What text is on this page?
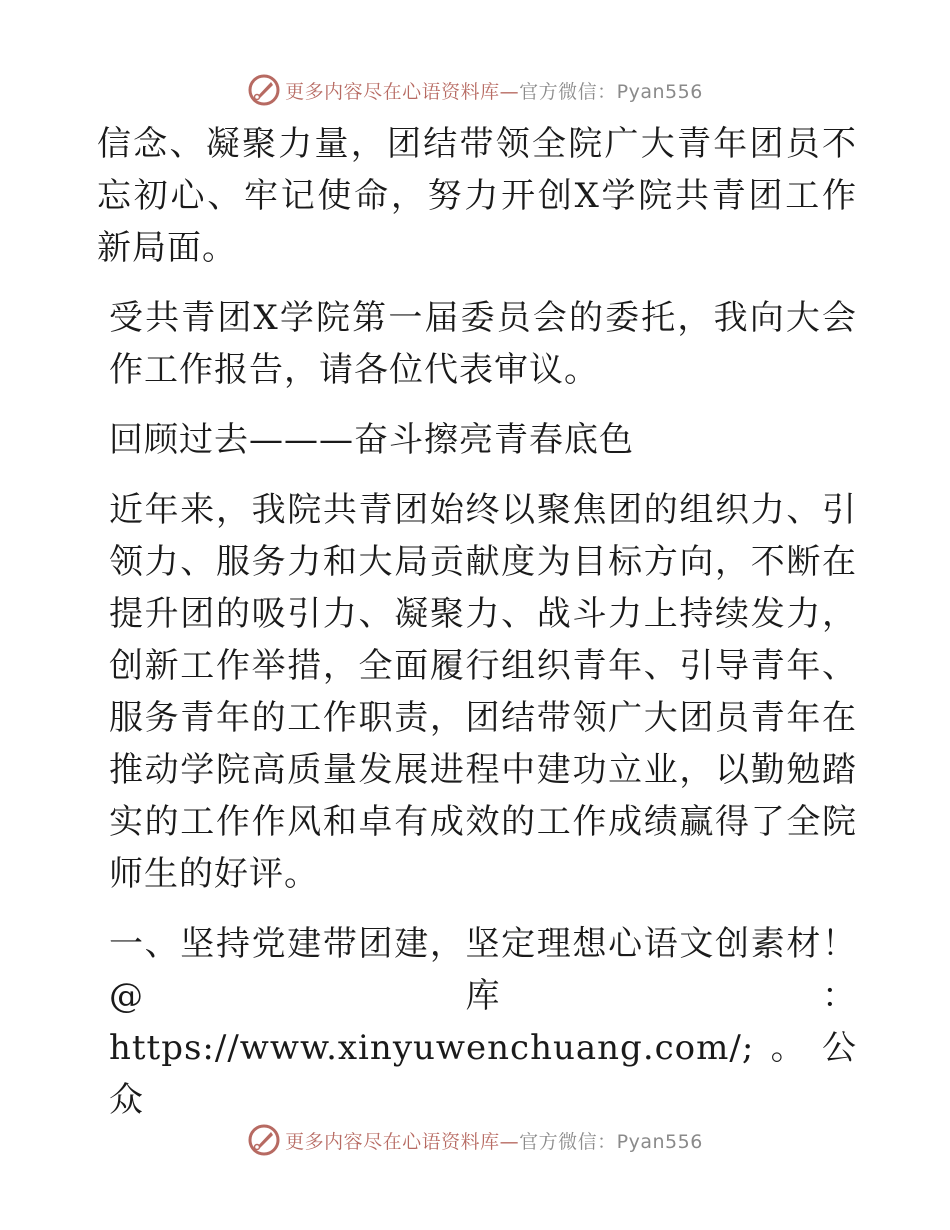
更多内容尽在心语资料库—官方微信：Pyan556

信念、凝聚力量，团结带领全院广大青年团员不忘初心、牢记使命，努力开创X学院共青团工作新局面。

受共青团X学院第一届委员会的委托，我向大会作工作报告，请各位代表审议。

回顾过去———奋斗擦亮青春底色

近年来，我院共青团始终以聚焦团的组织力、引领力、服务力和大局贡献度为目标方向，不断在提升团的吸引力、凝聚力、战斗力上持续发力，创新工作举措，全面履行组织青年、引导青年、服务青年的工作职责，团结带领广大团员青年在推动学院高质量发展进程中建功立业，以勤勉踏实的工作作风和卓有成效的工作成绩赢得了全院师生的好评。

一、坚持党建带团建，坚定理想心语文创素材！@库：https://www.xinyuwenchuang.com/;。公众

更多内容尽在心语资料库—官方微信：Pyan556
